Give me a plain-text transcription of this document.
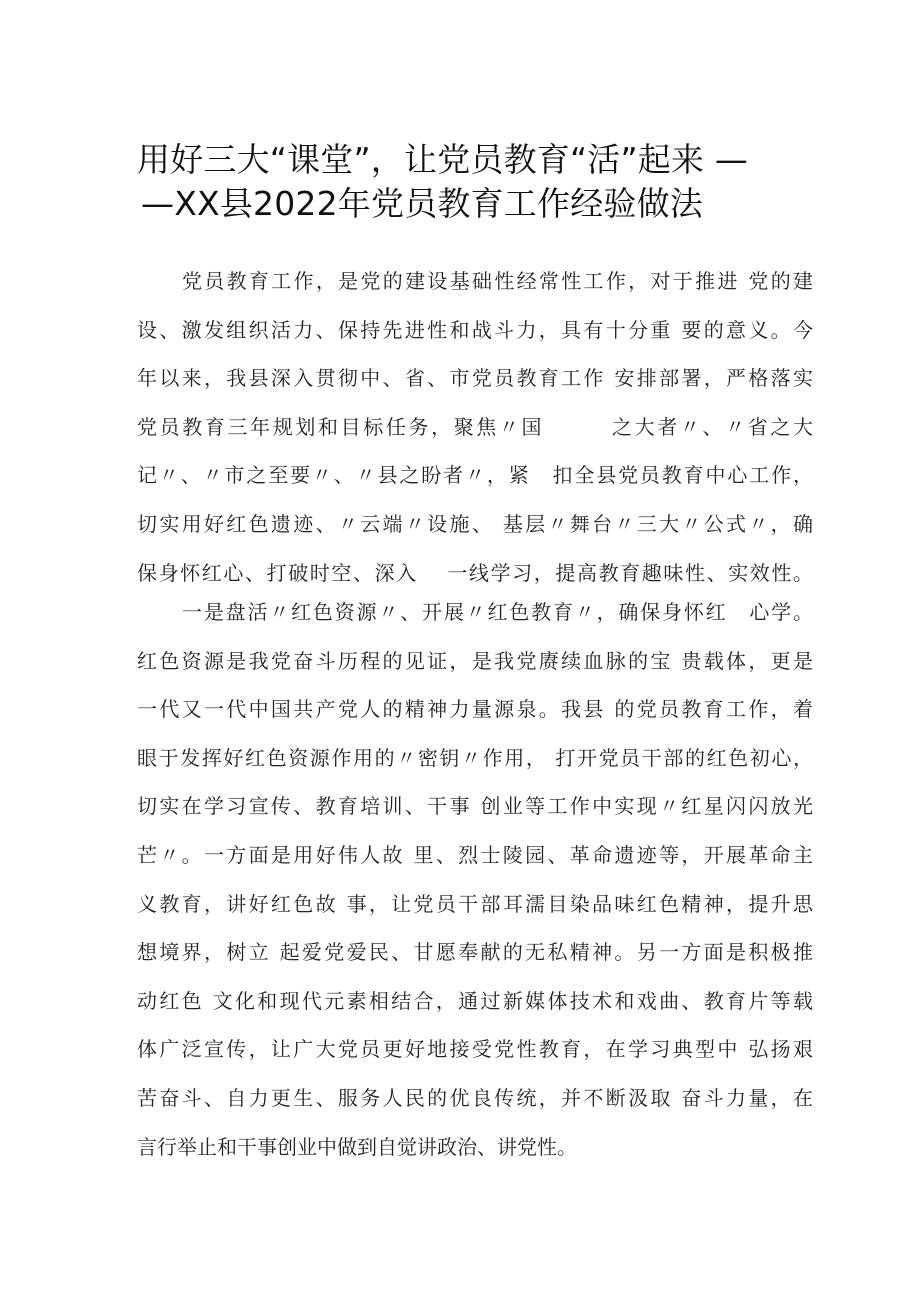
用好三大“课堂”，让党员教育“活”起来 —
—XX县2022年党员教育工作经验做法
党员教育工作，是党的建设基础性经常性工作，对于推进 党的建
设、激发组织活力、保持先进性和战斗力，具有十分重 要的意义。今
年以来，我县深入贯彻中、省、市党员教育工作 安排部署，严格落实
党员教育三年规划和目标任务，聚焦〃国　　　之大者〃、〃省之大
记〃、〃市之至要〃、〃县之盼者〃，紧　扣全县党员教育中心工作，
切实用好红色遗迹、〃云端〃设施、 基层〃舞台〃三大〃公式〃，确
保身怀红心、打破时空、深入　 一线学习，提高教育趣味性、实效性。
一是盘活〃红色资源〃、开展〃红色教育〃，确保身怀红　心学。
红色资源是我党奋斗历程的见证，是我党赓续血脉的宝 贵载体，更是
一代又一代中国共产党人的精神力量源泉。我县 的党员教育工作，着
眼于发挥好红色资源作用的〃密钥〃作用， 打开党员干部的红色初心，
切实在学习宣传、教育培训、干事 创业等工作中实现〃红星闪闪放光
芒〃。一方面是用好伟人故 里、烈士陵园、革命遗迹等，开展革命主
义教育，讲好红色故 事，让党员干部耳濡目染品味红色精神，提升思
想境界，树立 起爱党爱民、甘愿奉献的无私精神。另一方面是积极推
动红色 文化和现代元素相结合，通过新媒体技术和戏曲、教育片等载
体广泛宣传，让广大党员更好地接受党性教育，在学习典型中 弘扬艰
苦奋斗、自力更生、服务人民的优良传统，并不断汲取 奋斗力量，在
言行举止和干事创业中做到自觉讲政治、讲党性。
